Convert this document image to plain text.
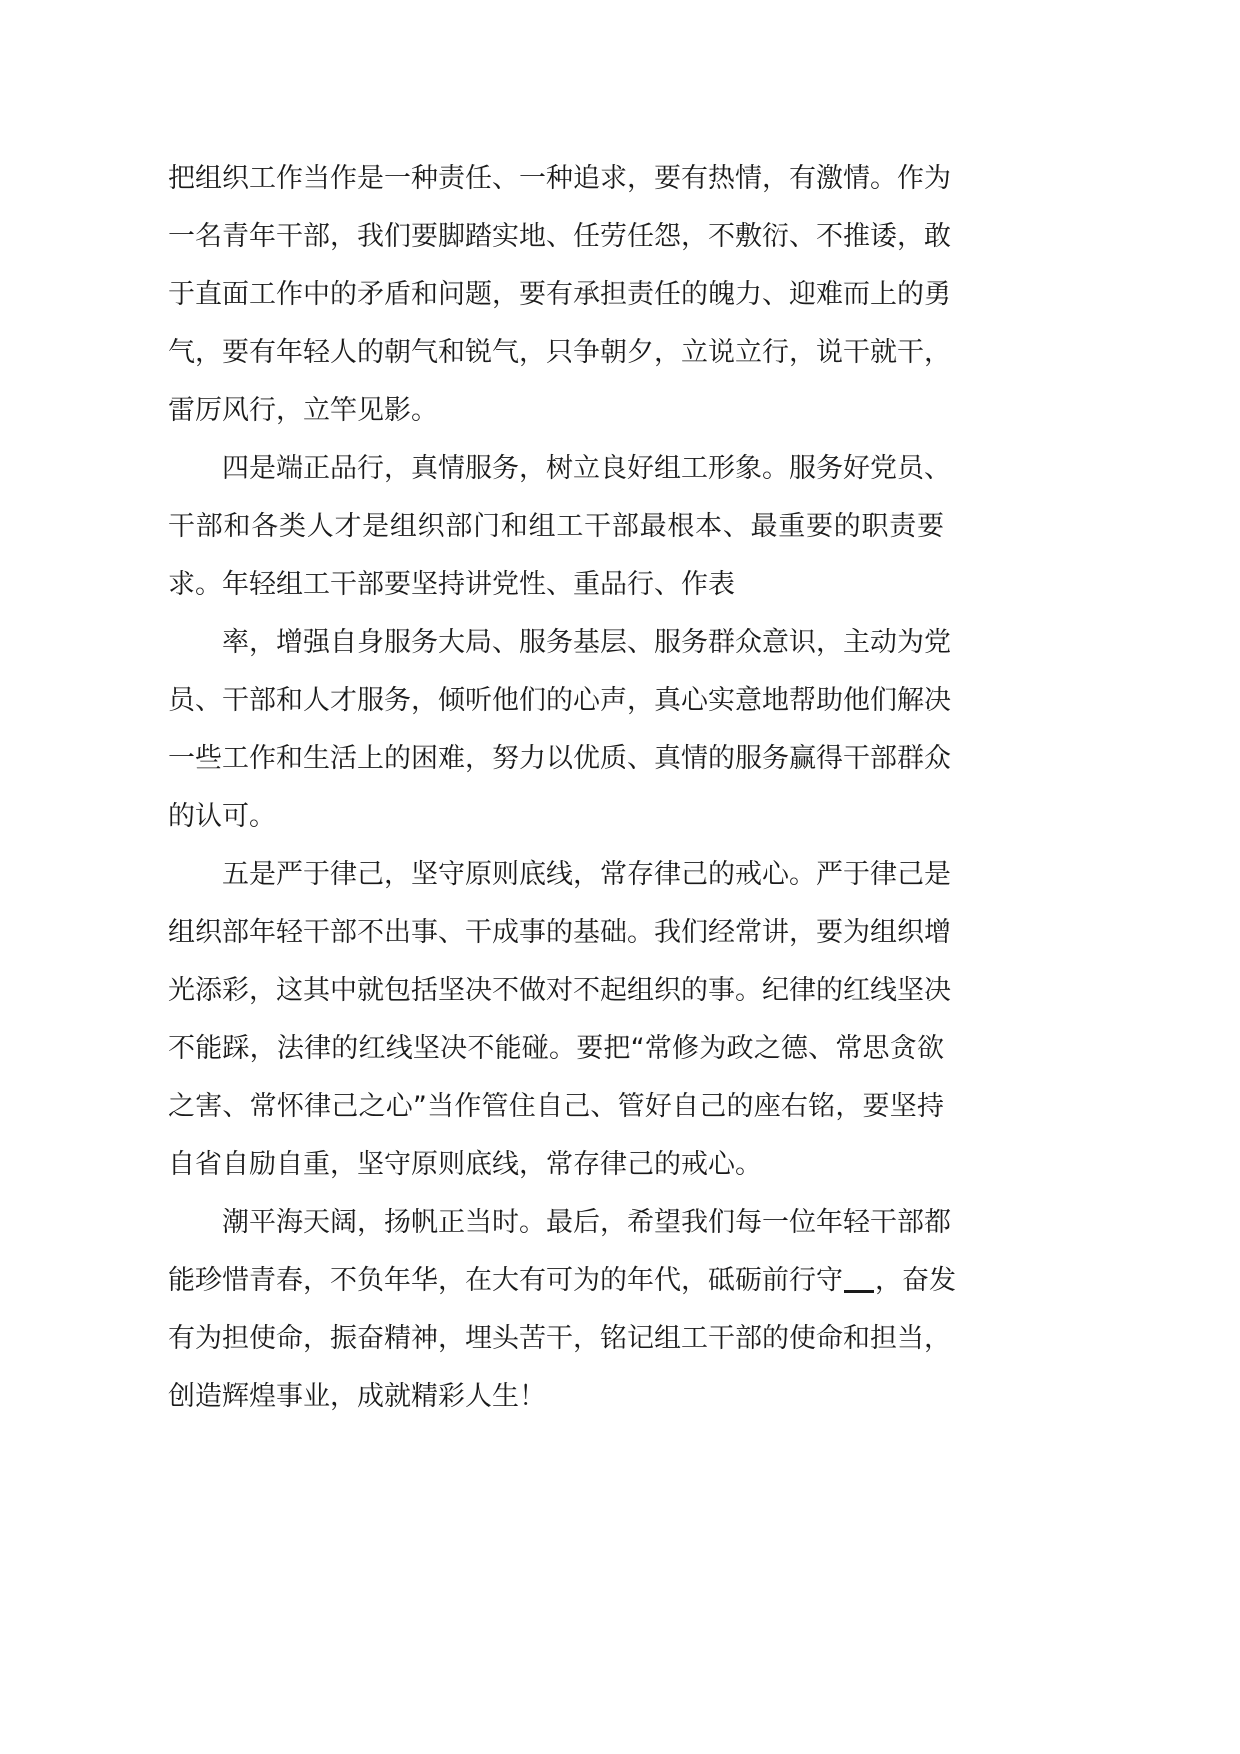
把组织工作当作是一种责任、一种追求，要有热情，有激情。作为
一名青年干部，我们要脚踏实地、任劳任怨，不敷衍、不推诿，敢
于直面工作中的矛盾和问题，要有承担责任的魄力、迎难而上的勇
气，要有年轻人的朝气和锐气，只争朝夕，立说立行，说干就干，
雷厉风行，立竿见影。
四是端正品行，真情服务，树立良好组工形象。服务好党员、
干部和各类人才是组织部门和组工干部最根本、最重要的职责要
求。年轻组工干部要坚持讲党性、重品行、作表
率，增强自身服务大局、服务基层、服务群众意识，主动为党
员、干部和人才服务，倾听他们的心声，真心实意地帮助他们解决
一些工作和生活上的困难，努力以优质、真情的服务赢得干部群众
的认可。
五是严于律己，坚守原则底线，常存律己的戒心。严于律己是
组织部年轻干部不出事、干成事的基础。我们经常讲，要为组织增
光添彩，这其中就包括坚决不做对不起组织的事。纪律的红线坚决
不能踩，法律的红线坚决不能碰。要把“常修为政之德、常思贪欲
之害、常怀律己之心”当作管住自己、管好自己的座右铭，要坚持
自省自励自重，坚守原则底线，常存律己的戒心。
潮平海天阔，扬帆正当时。最后，希望我们每一位年轻干部都
能珍惜青春，不负年华，在大有可为的年代，砥砺前行守 ，奋发
有为担使命，振奋精神，埋头苦干，铭记组工干部的使命和担当，
创造辉煌事业，成就精彩人生！
